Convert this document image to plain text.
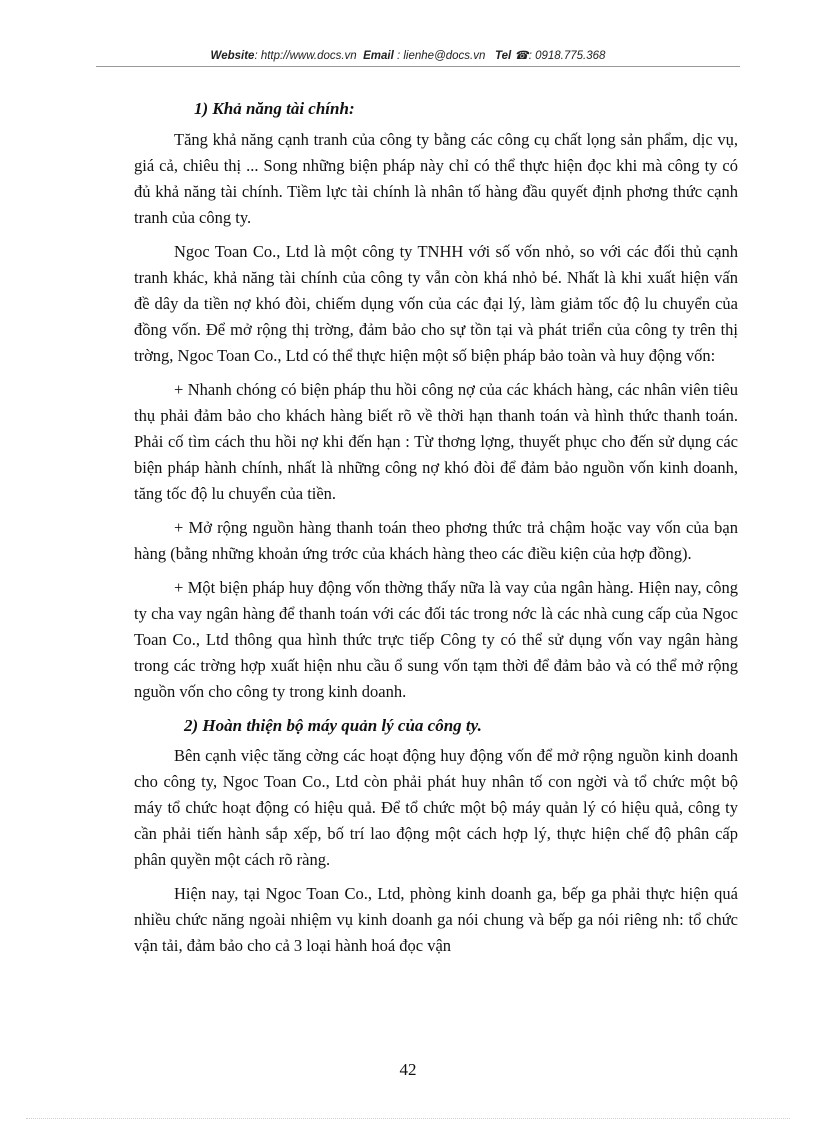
Website: http://www.docs.vn Email : lienhe@docs.vn Tel ☎: 0918.775.368
1) Khả năng tài chính:

Tăng khả năng cạnh tranh của công ty bằng các công cụ chất lọng sản phẩm, dịc vụ, giá cả, chiêu thị ... Song những biện pháp này chỉ có thể thực hiện đọc khi mà công ty có đủ khả năng tài chính. Tiềm lực tài chính là nhân tố hàng đầu quyết định phơng thức cạnh tranh của công ty.

Ngoc Toan Co., Ltd là một công ty TNHH với số vốn nhỏ, so với các đối thủ cạnh tranh khác, khả năng tài chính của công ty vẫn còn khá nhỏ bé. Nhất là khi xuất hiện vấn đề dây da tiền nợ khó đòi, chiếm dụng vốn của các đại lý, làm giảm tốc độ lu chuyển của đồng vốn. Để mở rộng thị trờng, đảm bảo cho sự tồn tại và phát triển của công ty trên thị trờng, Ngoc Toan Co., Ltd có thể thực hiện một số biện pháp bảo toàn và huy động vốn:

+ Nhanh chóng có biện pháp thu hồi công nợ của các khách hàng, các nhân viên tiêu thụ phải đảm bảo cho khách hàng biết rõ về thời hạn thanh toán và hình thức thanh toán. Phải cố tìm cách thu hồi nợ khi đến hạn : Từ thơng lợng, thuyết phục cho đến sử dụng các biện pháp hành chính, nhất là những công nợ khó đòi để đảm bảo nguồn vốn kinh doanh, tăng tốc độ lu chuyển của tiền.

+ Mở rộng nguồn hàng thanh toán theo phơng thức trả chậm hoặc vay vốn của bạn hàng (bằng những khoản ứng trớc của khách hàng theo các điều kiện của hợp đồng).

+ Một biện pháp huy động vốn thờng thấy nữa là vay của ngân hàng. Hiện nay, công ty cha vay ngân hàng để thanh toán với các đối tác trong nớc là các nhà cung cấp của Ngoc Toan Co., Ltd thông qua hình thức trực tiếp Công ty có thể sử dụng vốn vay ngân hàng trong các trờng hợp xuất hiện nhu cầu ổ sung vốn tạm thời để đảm bảo và có thể mở rộng nguồn vốn cho công ty trong kinh doanh.

2) Hoàn thiện bộ máy quản lý của công ty.

Bên cạnh việc tăng cờng các hoạt động huy động vốn để mở rộng nguồn kinh doanh cho công ty, Ngoc Toan Co., Ltd còn phải phát huy nhân tố con ngời và tổ chức một bộ máy tổ chức hoạt động có hiệu quả. Để tổ chức một bộ máy quản lý có hiệu quả, công ty cần phải tiến hành sắp xếp, bố trí lao động một cách hợp lý, thực hiện chế độ phân cấp phân quyền một cách rõ ràng.

Hiện nay, tại Ngoc Toan Co., Ltd, phòng kinh doanh ga, bếp ga phải thực hiện quá nhiều chức năng ngoài nhiệm vụ kinh doanh ga nói chung và bếp ga nói riêng nh: tổ chức vận tải, đảm bảo cho cả 3 loại hành hoá đọc vận

42
